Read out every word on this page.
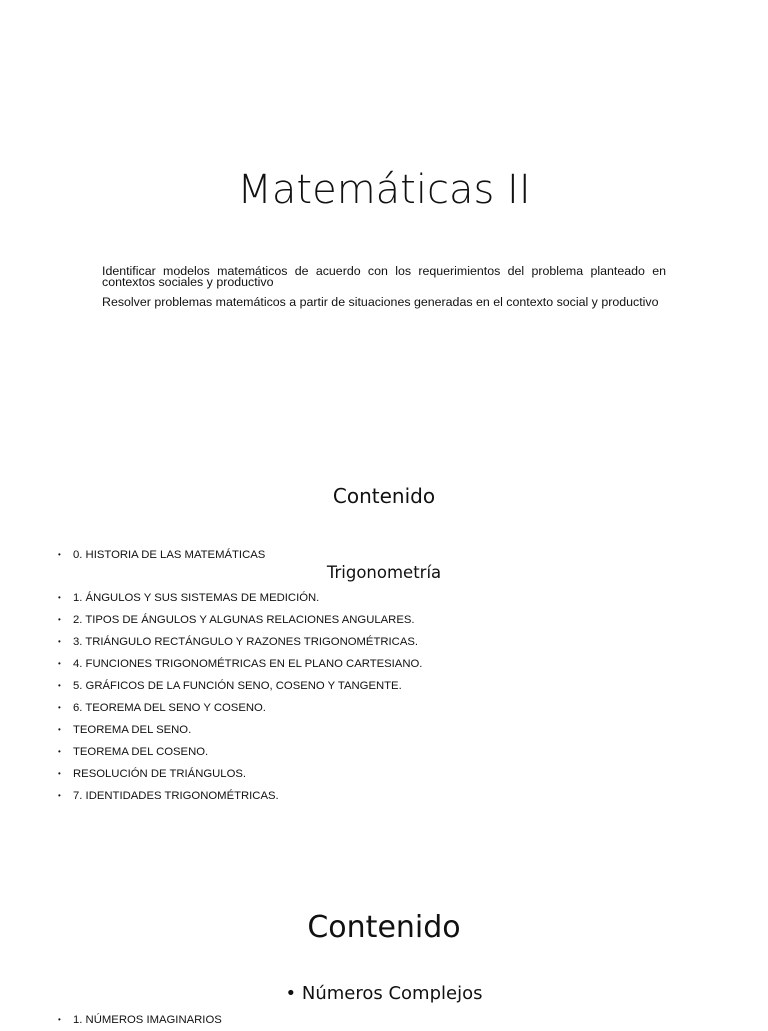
Matemáticas II

Identificar modelos matemáticos de acuerdo con los requerimientos del problema planteado en contextos sociales y productivo

Resolver problemas matemáticos a partir de situaciones generadas en el contexto social y productivo

Contenido
• 0. HISTORIA DE LAS MATEMÁTICAS
Trigonometría
• 1. ÁNGULOS Y SUS SISTEMAS DE MEDICIÓN.
• 2. TIPOS DE ÁNGULOS Y ALGUNAS RELACIONES ANGULARES.
• 3. TRIÁNGULO RECTÁNGULO Y RAZONES TRIGONOMÉTRICAS.
• 4. FUNCIONES TRIGONOMÉTRICAS EN EL PLANO CARTESIANO.
• 5. GRÁFICOS DE LA FUNCIÓN SENO, COSENO Y TANGENTE.
• 6. TEOREMA DEL SENO Y COSENO.
• TEOREMA DEL SENO.
• TEOREMA DEL COSENO.
• RESOLUCIÓN DE TRIÁNGULOS.
• 7. IDENTIDADES TRIGONOMÉTRICAS.
Contenido
• Números Complejos
• 1. NÚMEROS IMAGINARIOS
